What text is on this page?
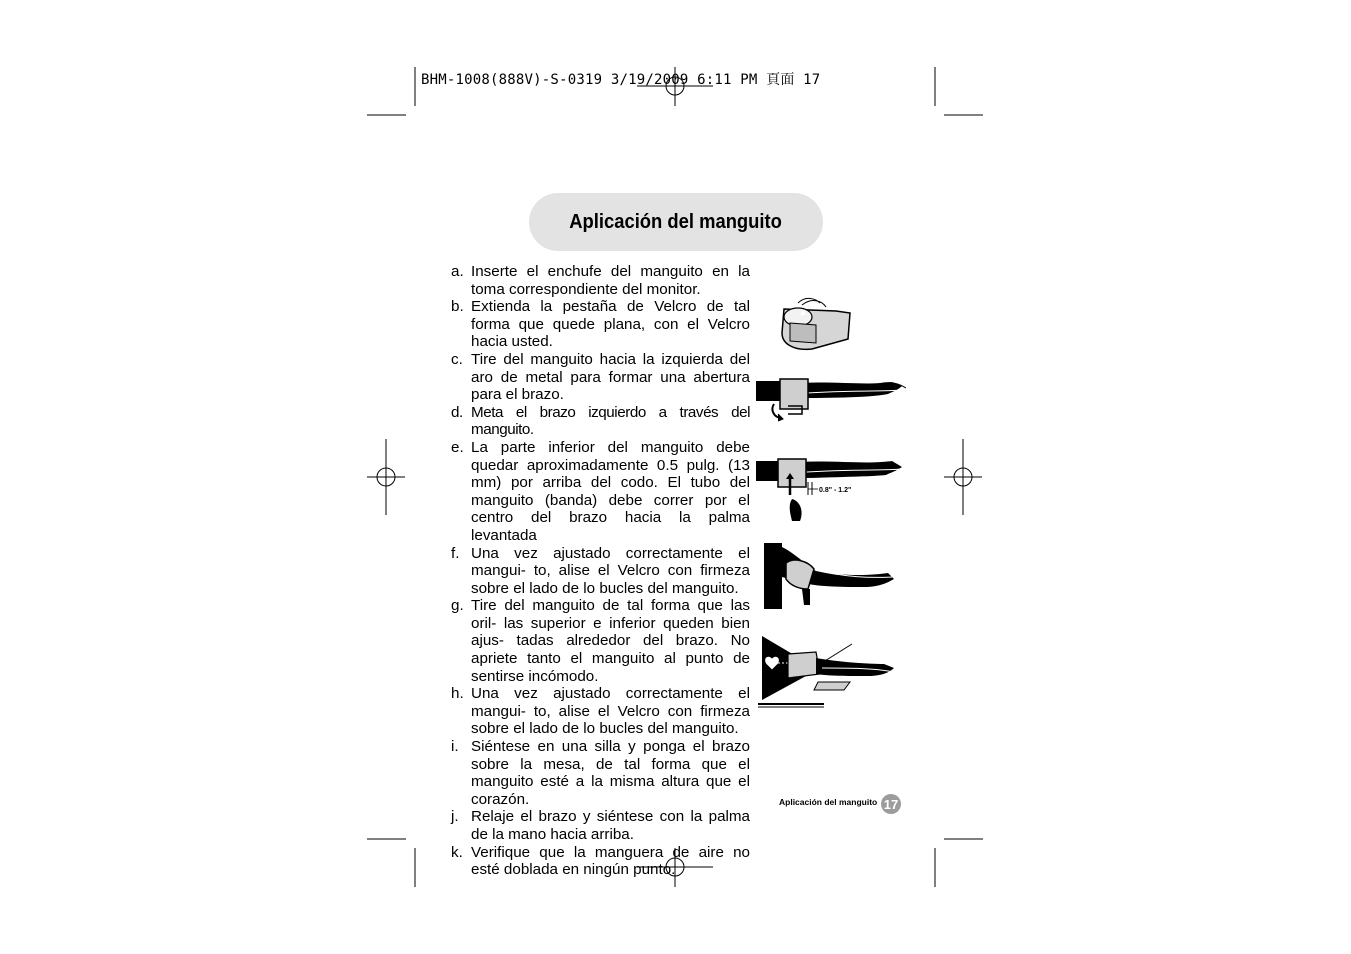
BHM-1008(888V)-S-0319 3/19/2009 6:11 PM 頁面 17
Aplicación del manguito
a. Inserte el enchufe del manguito en la toma correspondiente del monitor.
b. Extienda la pestaña de Velcro de tal forma que quede plana, con el Velcro hacia usted.
c. Tire del manguito hacia la izquierda del aro de metal para formar una abertura para el brazo.
d. Meta el brazo izquierdo a través del manguito.
e. La parte inferior del manguito debe quedar aproximadamente 0.5 pulg. (13 mm) por arriba del codo. El tubo del manguito (banda) debe correr por el centro del brazo hacia la palma levantada
f. Una vez ajustado correctamente el mangui- to, alise el Velcro con firmeza sobre el lado de lo bucles del manguito.
g. Tire del manguito de tal forma que las oril- las superior e inferior queden bien ajus- tadas alrededor del brazo. No apriete tanto el manguito al punto de sentirse incómodo.
h. Una vez ajustado correctamente el mangui- to, alise el Velcro con firmeza sobre el lado de lo bucles del manguito.
i. Siéntese en una silla y ponga el brazo sobre la mesa, de tal forma que el manguito esté a la misma altura que el corazón.
j. Relaje el brazo y siéntese con la palma de la mano hacia arriba.
k. Verifique que la manguera de aire no esté doblada en ningún punto.
0.8" - 1.2"
Aplicación del manguito 17
